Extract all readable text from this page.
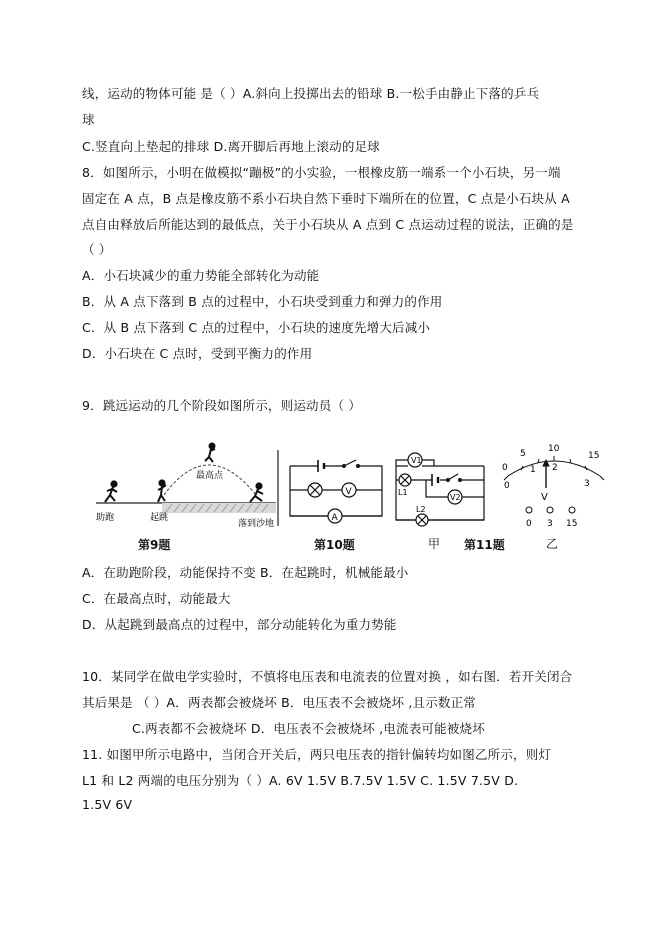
线，运动的物体可能 是（ ）A.斜向上投掷出去的铅球 B.一松手由静止下落的乒乓
球
C.竖直向上垫起的排球 D.离开脚后再地上滚动的足球
8．如图所示，小明在做模拟“蹦极”的小实验，一根橡皮筋一端系一个小石块，另一端
固定在 A 点，B 点是橡皮筋不系小石块自然下垂时下端所在的位置，C 点是小石块从 A
点自由释放后所能达到的最低点，关于小石块从 A 点到 C 点运动过程的说法，正确的是
（ ）
A．小石块减少的重力势能全部转化为动能
B．从 A 点下落到 B 点的过程中，小石块受到重力和弹力的作用
C．从 B 点下落到 C 点的过程中，小石块的速度先增大后减小
D．小石块在 C 点时，受到平衡力的作用
9．跳远运动的几个阶段如图所示，则运动员（ ）
助跑	起跳
最高点
落到沙地
V
A
V1
V2
L1
L2
0
5 10
15
0
1 2
3
V
0 3 15
第9题	第10题	甲 第11题	乙
A．在助跑阶段，动能保持不变 B．在起跳时，机械能最小
C．在最高点时，动能最大
D．从起跳到最高点的过程中，部分动能转化为重力势能
10．某同学在做电学实验时，不慎将电压表和电流表的位置对换 ，如右图．若开关闭合
其后果是 （ ）A．两表都会被烧坏 B．电压表不会被烧坏 ,且示数正常
C.两表都不会被烧坏 D．电压表不会被烧坏 ,电流表可能被烧坏
11. 如图甲所示电路中，当闭合开关后，两只电压表的指针偏转均如图乙所示，则灯
L1 和 L2 两端的电压分别为（ ）A. 6V 1.5V B.7.5V 1.5V C. 1.5V 7.5V D.
1.5V 6V
